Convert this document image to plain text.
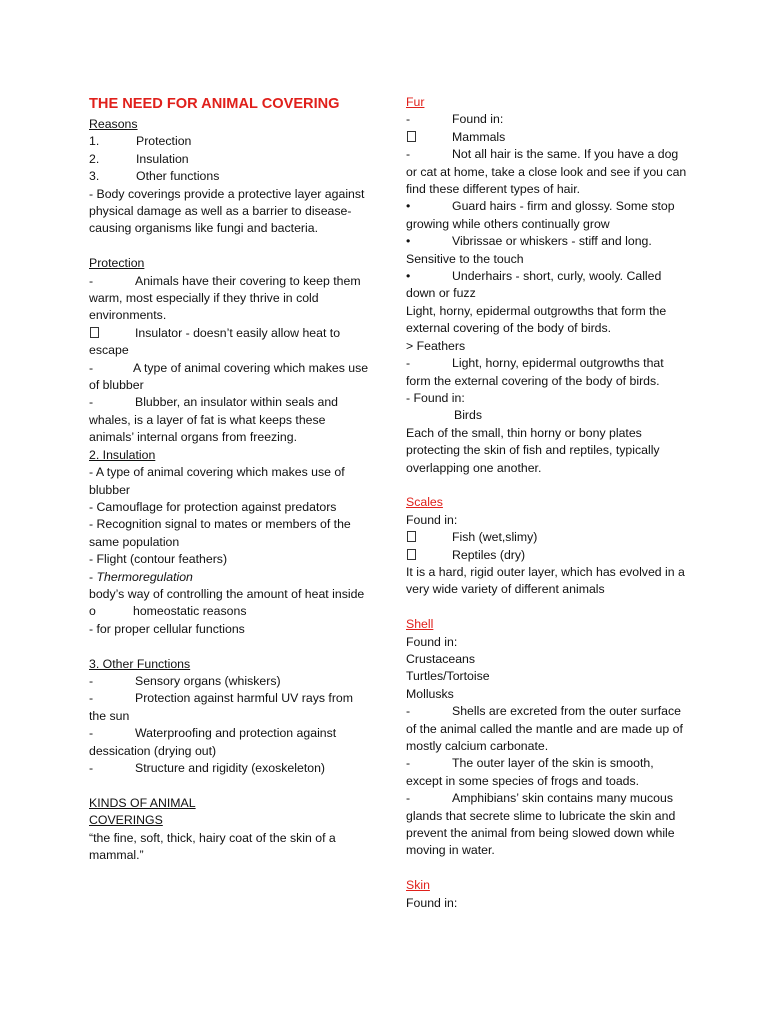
THE NEED FOR ANIMAL COVERING
Reasons
1.	Protection
2.	Insulation
3.	Other functions
- Body coverings provide a protective layer against physical damage as well as a barrier to disease-causing organisms like fungi and bacteria.
Protection
-	Animals have their covering to keep them warm, most especially if they thrive in cold environments.
Insulator - doesn’t easily allow heat to escape
-	A type of animal covering which makes use of blubber
-	Blubber, an insulator within seals and whales, is a layer of fat is what keeps these animals’ internal organs from freezing.
2. Insulation
- A type of animal covering which makes use of blubber
- Camouflage for protection against predators
- Recognition signal to mates or members of the same population
- Flight (contour feathers)
- Thermoregulation
body’s way of controlling the amount of heat inside
o	homeostatic reasons
- for proper cellular functions
3. Other Functions
-	Sensory organs (whiskers)
-	Protection against harmful UV rays from the sun
-	Waterproofing and protection against dessication (drying out)
-	Structure and rigidity (exoskeleton)
KINDS OF ANIMAL
COVERINGS
“the fine, soft, thick, hairy coat of the skin of a mammal.”
Fur
-	Found in:
Mammals
-	Not all hair is the same. If you have a dog or cat at home, take a close look and see if you can find these different types of hair.
•	Guard hairs - firm and glossy. Some stop growing while others continually grow
•	Vibrissae or whiskers - stiff and long. Sensitive to the touch
•	Underhairs - short, curly, wooly. Called down or fuzz
Light, horny, epidermal outgrowths that form the external covering of the body of birds.
> Feathers
-	Light, horny, epidermal outgrowths that form the external covering of the body of birds.
- Found in:
Birds
Each of the small, thin horny or bony plates protecting the skin of fish and reptiles, typically overlapping one another.
Scales
Found in:
Fish (wet,slimy)
Reptiles (dry)
It is a hard, rigid outer layer, which has evolved in a very wide variety of different animals
Shell
Found in:
Crustaceans
Turtles/Tortoise
Mollusks
-	Shells are excreted from the outer surface of the animal called the mantle and are made up of mostly calcium carbonate.
-	The outer layer of the skin is smooth, except in some species of frogs and toads.
-	Amphibians’ skin contains many mucous glands that secrete slime to lubricate the skin and prevent the animal from being slowed down while moving in water.
Skin
Found in:
